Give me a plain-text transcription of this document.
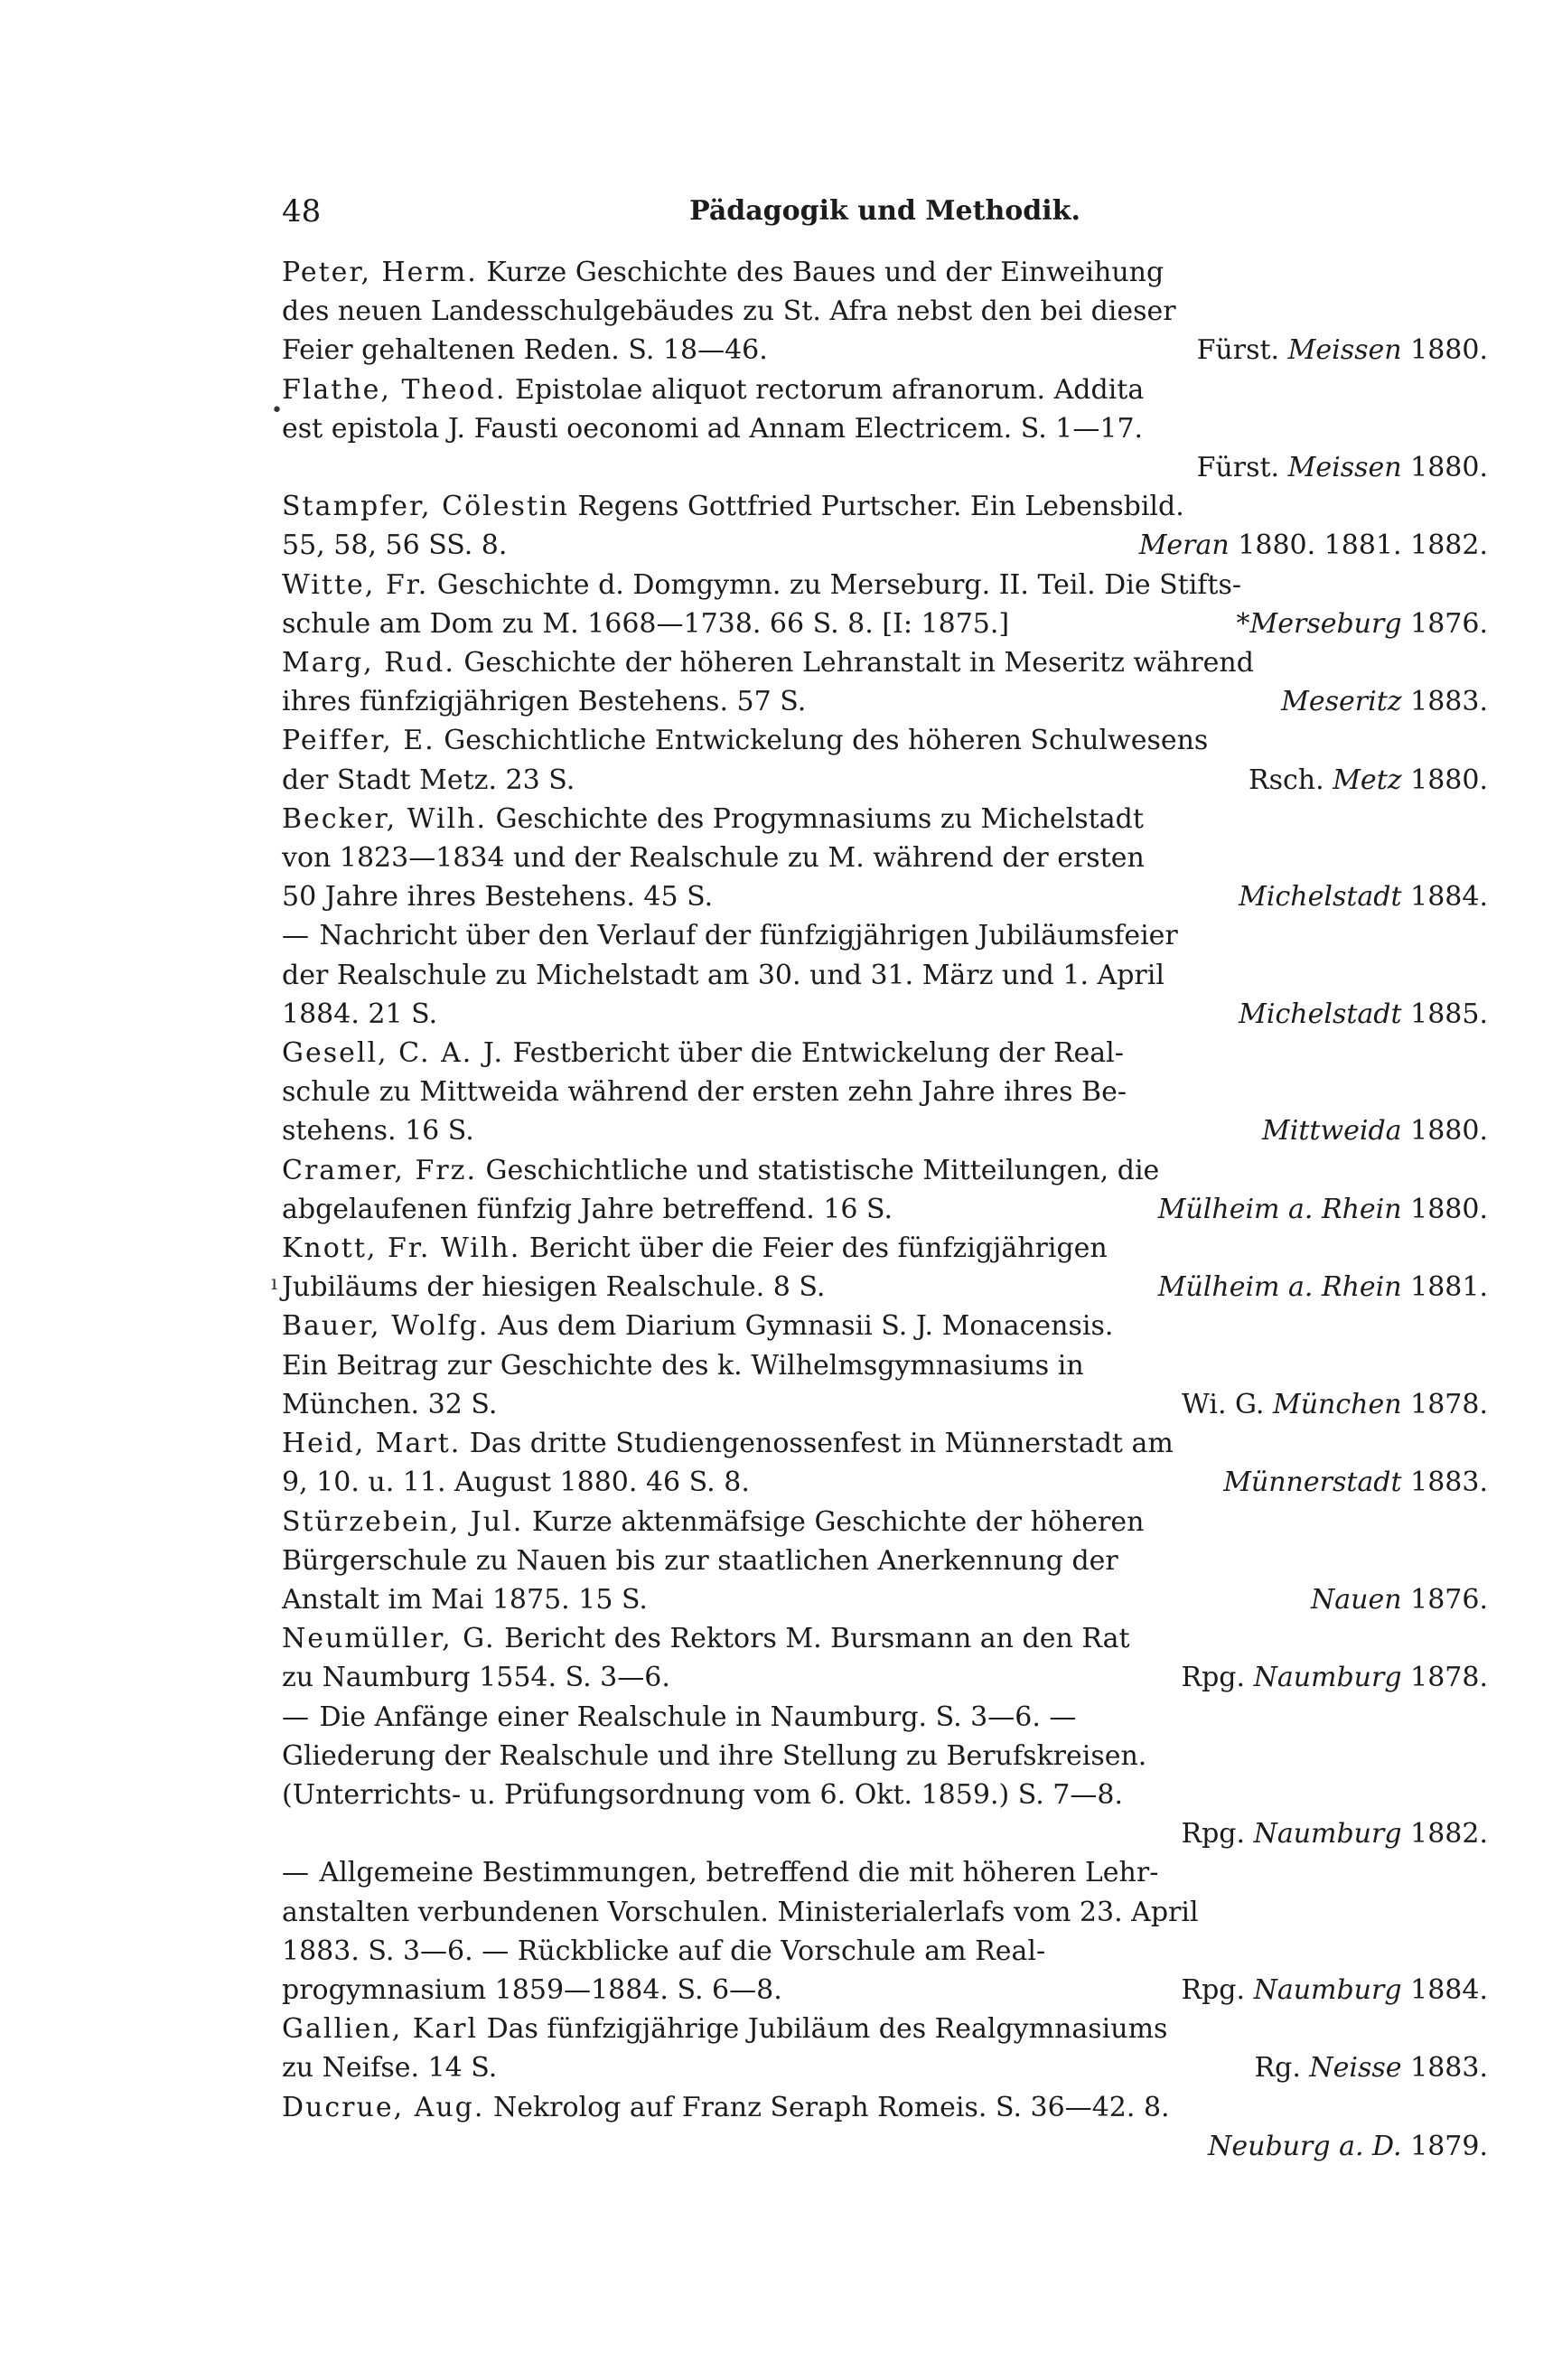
48	Pädagogik und Methodik.
•
ı
Peter, Herm. Kurze Geschichte des Baues und der Einweihung
des neuen Landesschulgebäudes zu St. Afra nebst den bei dieser
Feier gehaltenen Reden. S. 18—46.	Fürst. Meissen 1880.
Flathe, Theod. Epistolae aliquot rectorum afranorum. Addita
est epistola J. Fausti oeconomi ad Annam Electricem. S. 1—17.
Fürst. Meissen 1880.
Stampfer, Cölestin Regens Gottfried Purtscher. Ein Lebensbild.
55, 58, 56 SS. 8.	Meran 1880. 1881. 1882.
Witte, Fr. Geschichte d. Domgymn. zu Merseburg. II. Teil. Die Stifts-
schule am Dom zu M. 1668—1738. 66 S. 8. [I: 1875.]	*Merseburg 1876.
Marg, Rud. Geschichte der höheren Lehranstalt in Meseritz während
ihres fünfzigjährigen Bestehens. 57 S.	Meseritz 1883.
Peiffer, E. Geschichtliche Entwickelung des höheren Schulwesens
der Stadt Metz. 23 S.	Rsch. Metz 1880.
Becker, Wilh. Geschichte des Progymnasiums zu Michelstadt
von 1823—1834 und der Realschule zu M. während der ersten
50 Jahre ihres Bestehens. 45 S.	Michelstadt 1884.
— Nachricht über den Verlauf der fünfzigjährigen Jubiläumsfeier
der Realschule zu Michelstadt am 30. und 31. März und 1. April
1884. 21 S.	Michelstadt 1885.
Gesell, C. A. J. Festbericht über die Entwickelung der Real-
schule zu Mittweida während der ersten zehn Jahre ihres Be-
stehens. 16 S.	Mittweida 1880.
Cramer, Frz. Geschichtliche und statistische Mitteilungen, die
abgelaufenen fünfzig Jahre betreffend. 16 S.	Mülheim a. Rhein 1880.
Knott, Fr. Wilh. Bericht über die Feier des fünfzigjährigen
Jubiläums der hiesigen Realschule. 8 S.	Mülheim a. Rhein 1881.
Bauer, Wolfg. Aus dem Diarium Gymnasii S. J. Monacensis.
Ein Beitrag zur Geschichte des k. Wilhelmsgymnasiums in
München. 32 S.	Wi. G. München 1878.
Heid, Mart. Das dritte Studiengenossenfest in Münnerstadt am
9, 10. u. 11. August 1880. 46 S. 8.	Münnerstadt 1883.
Stürzebein, Jul. Kurze aktenmäfsige Geschichte der höheren
Bürgerschule zu Nauen bis zur staatlichen Anerkennung der
Anstalt im Mai 1875. 15 S.	Nauen 1876.
Neumüller, G. Bericht des Rektors M. Bursmann an den Rat
zu Naumburg 1554. S. 3—6.	Rpg. Naumburg 1878.
— Die Anfänge einer Realschule in Naumburg. S. 3—6. —
Gliederung der Realschule und ihre Stellung zu Berufskreisen.
(Unterrichts- u. Prüfungsordnung vom 6. Okt. 1859.) S. 7—8.
Rpg. Naumburg 1882.
— Allgemeine Bestimmungen, betreffend die mit höheren Lehr-
anstalten verbundenen Vorschulen. Ministerialerlafs vom 23. April
1883. S. 3—6. — Rückblicke auf die Vorschule am Real-
progymnasium 1859—1884. S. 6—8.	Rpg. Naumburg 1884.
Gallien, Karl Das fünfzigjährige Jubiläum des Realgymnasiums
zu Neifse. 14 S.	Rg. Neisse 1883.
Ducrue, Aug. Nekrolog auf Franz Seraph Romeis. S. 36—42. 8.
Neuburg a. D. 1879.
